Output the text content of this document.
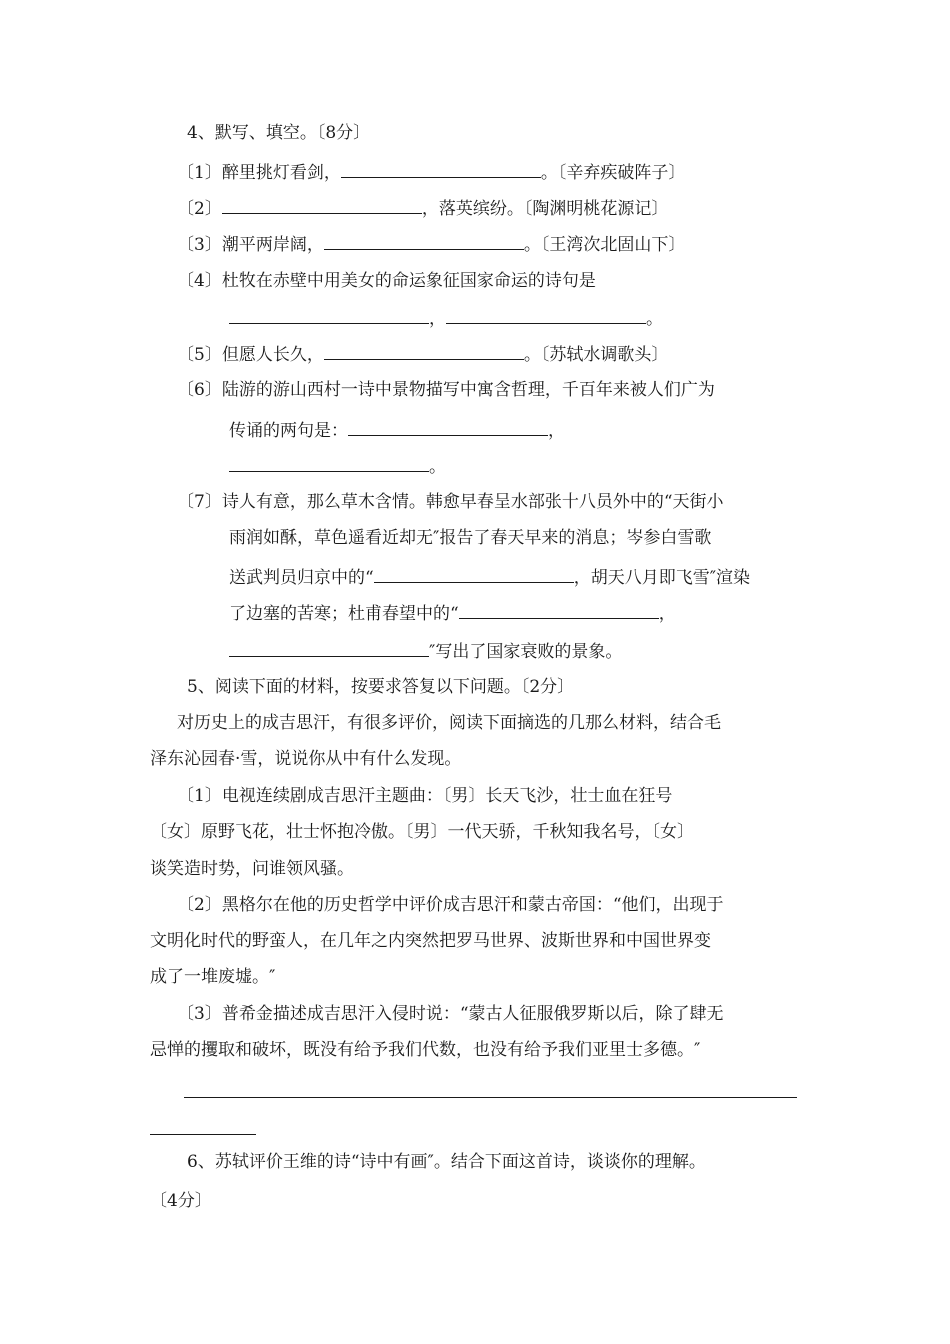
4、默写、填空。〔8分〕
〔1〕醉里挑灯看剑，	。〔辛弃疾破阵子〕
〔2〕	，落英缤纷。〔陶渊明桃花源记〕
〔3〕潮平两岸阔，	。〔王湾次北固山下〕
〔4〕杜牧在赤壁中用美女的命运象征国家命运的诗句是
，	。
〔5〕但愿人长久，	。〔苏轼水调歌头〕
〔6〕陆游的游山西村一诗中景物描写中寓含哲理，千百年来被人们广为
传诵的两句是：	，
。
〔7〕诗人有意，那么草木含情。韩愈早春呈水部张十八员外中的“天街小
雨润如酥，草色遥看近却无″报告了春天早来的消息；岑参白雪歌
送武判员归京中的“	，胡天八月即飞雪″渲染
了边塞的苦寒；杜甫春望中的“	，
″写出了国家衰败的景象。
5、阅读下面的材料，按要求答复以下问题。〔2分〕
对历史上的成吉思汗，有很多评价，阅读下面摘选的几那么材料，结合毛
泽东沁园春·雪，说说你从中有什么发现。
〔1〕电视连续剧成吉思汗主题曲：〔男〕长天飞沙，壮士血在狂号
〔女〕原野飞花，壮士怀抱冷傲。〔男〕一代天骄，千秋知我名号，〔女〕
谈笑造时势，问谁领风骚。
〔2〕黑格尔在他的历史哲学中评价成吉思汗和蒙古帝国：“他们，出现于
文明化时代的野蛮人，在几年之内突然把罗马世界、波斯世界和中国世界变
成了一堆废墟。″
〔3〕普希金描述成吉思汗入侵时说：“蒙古人征服俄罗斯以后，除了肆无
忌惮的攫取和破坏，既没有给予我们代数，也没有给予我们亚里士多德。″
6、苏轼评价王维的诗“诗中有画″。结合下面这首诗，谈谈你的理解。
〔4分〕
